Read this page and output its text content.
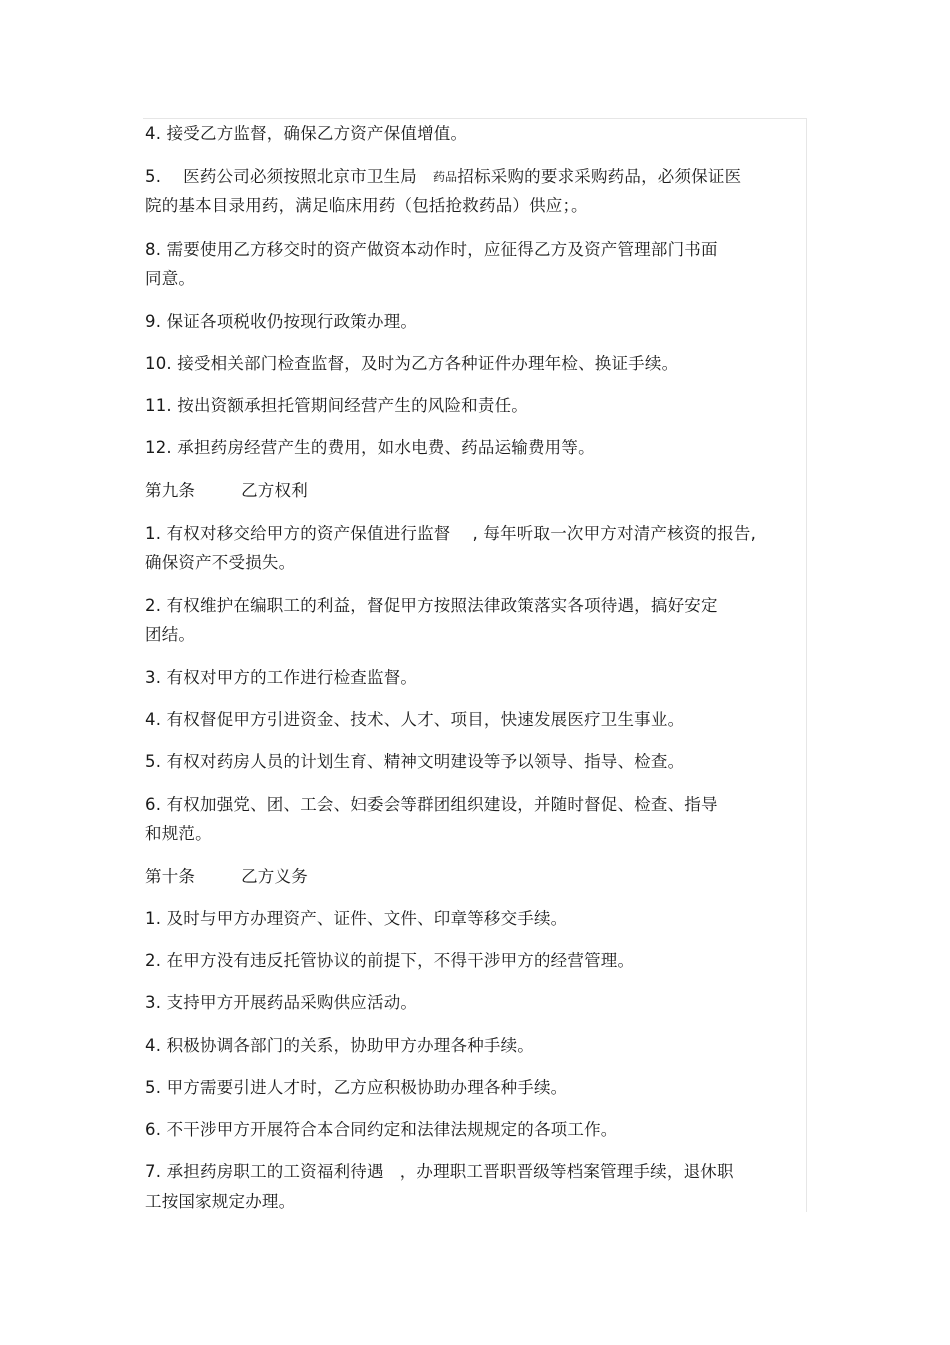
4. 接受乙方监督，确保乙方资产保值增值。
5. 医药公司必须按照北京市卫生局 药品招标采购的要求采购药品，必须保证医
院的基本目录用药，满足临床用药（包括抢救药品）供应；。
8. 需要使用乙方移交时的资产做资本动作时，应征得乙方及资产管理部门书面
同意。
9. 保证各项税收仍按现行政策办理。
10. 接受相关部门检查监督，及时为乙方各种证件办理年检、换证手续。
11. 按出资额承担托管期间经营产生的风险和责任。
12. 承担药房经营产生的费用，如水电费、药品运输费用等。
第九条	乙方权利
1. 有权对移交给甲方的资产保值进行监督 , 每年听取一次甲方对清产核资的报告,
确保资产不受损失。
2. 有权维护在编职工的利益，督促甲方按照法律政策落实各项待遇，搞好安定
团结。
3. 有权对甲方的工作进行检查监督。
4. 有权督促甲方引进资金、技术、人才、项目，快速发展医疗卫生事业。
5. 有权对药房人员的计划生育、精神文明建设等予以领导、指导、检查。
6. 有权加强党、团、工会、妇委会等群团组织建设，并随时督促、检查、指导
和规范。
第十条	乙方义务
1. 及时与甲方办理资产、证件、文件、印章等移交手续。
2. 在甲方没有违反托管协议的前提下，不得干涉甲方的经营管理。
3. 支持甲方开展药品采购供应活动。
4. 积极协调各部门的关系，协助甲方办理各种手续。
5. 甲方需要引进人才时，乙方应积极协助办理各种手续。
6. 不干涉甲方开展符合本合同约定和法律法规规定的各项工作。
7. 承担药房职工的工资福利待遇 ，办理职工晋职晋级等档案管理手续，退休职
工按国家规定办理。
